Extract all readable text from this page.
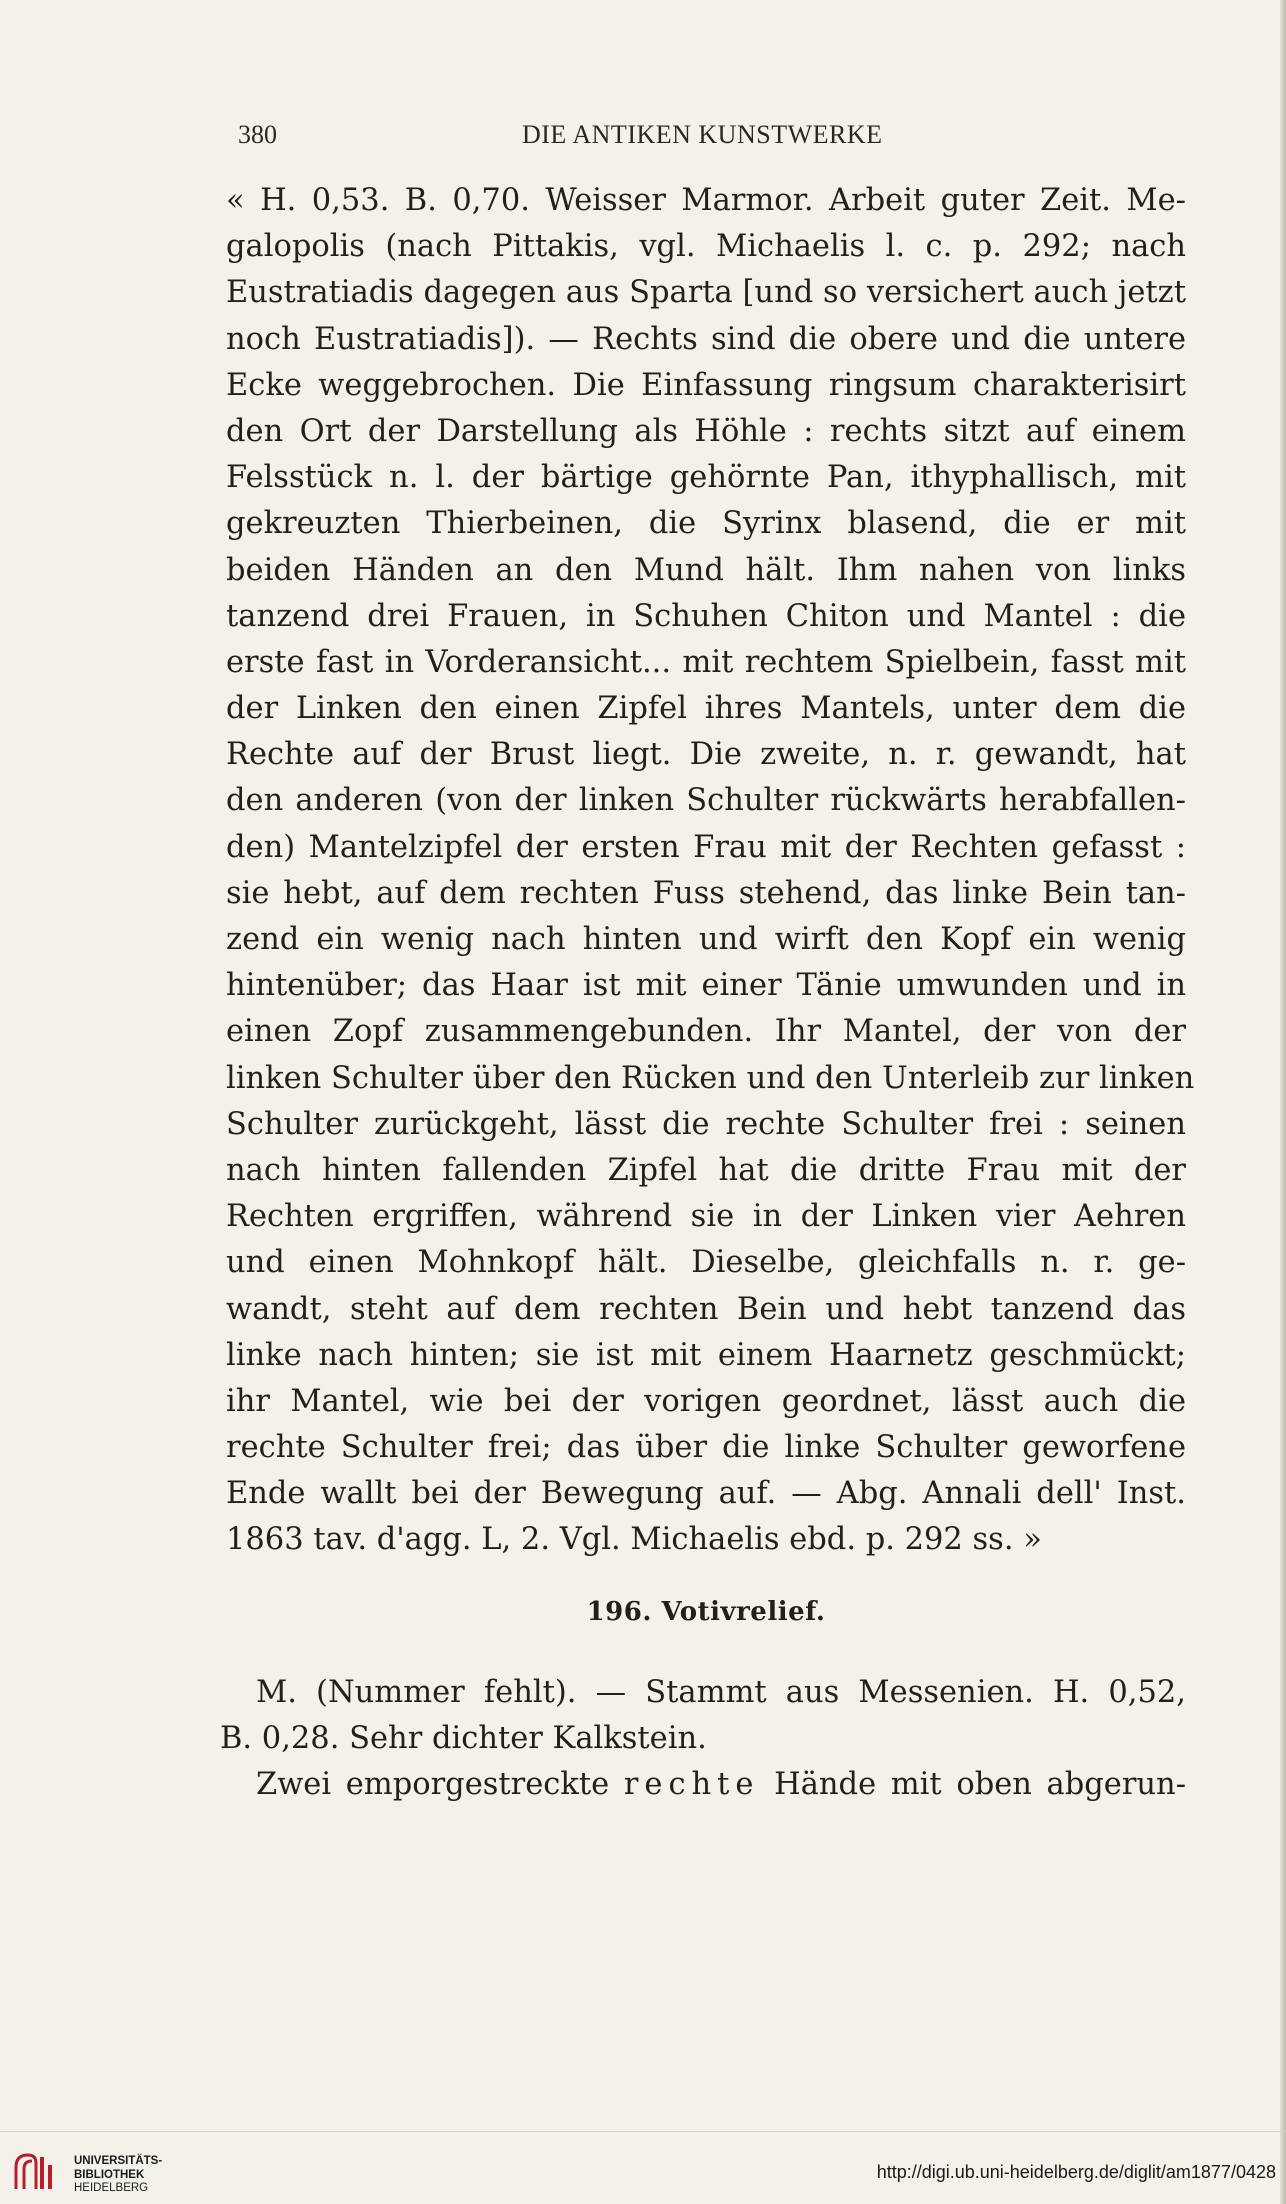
380	DIE ANTIKEN KUNSTWERKE
« H. 0,53. B. 0,70. Weisser Marmor. Arbeit guter Zeit. Me-
galopolis (nach Pittakis, vgl. Michaelis l. c. p. 292; nach
Eustratiadis dagegen aus Sparta [und so versichert auch jetzt
noch Eustratiadis]). — Rechts sind die obere und die untere
Ecke weggebrochen. Die Einfassung ringsum charakterisirt
den Ort der Darstellung als Höhle : rechts sitzt auf einem
Felsstück n. l. der bärtige gehörnte Pan, ithyphallisch, mit
gekreuzten Thierbeinen, die Syrinx blasend, die er mit
beiden Händen an den Mund hält. Ihm nahen von links
tanzend drei Frauen, in Schuhen Chiton und Mantel : die
erste fast in Vorderansicht... mit rechtem Spielbein, fasst mit
der Linken den einen Zipfel ihres Mantels, unter dem die
Rechte auf der Brust liegt. Die zweite, n. r. gewandt, hat
den anderen (von der linken Schulter rückwärts herabfallen-
den) Mantelzipfel der ersten Frau mit der Rechten gefasst :
sie hebt, auf dem rechten Fuss stehend, das linke Bein tan-
zend ein wenig nach hinten und wirft den Kopf ein wenig
hintenüber; das Haar ist mit einer Tänie umwunden und in
einen Zopf zusammengebunden. Ihr Mantel, der von der
linken Schulter über den Rücken und den Unterleib zur linken
Schulter zurückgeht, lässt die rechte Schulter frei : seinen
nach hinten fallenden Zipfel hat die dritte Frau mit der
Rechten ergriffen, während sie in der Linken vier Aehren
und einen Mohnkopf hält. Dieselbe, gleichfalls n. r. ge-
wandt, steht auf dem rechten Bein und hebt tanzend das
linke nach hinten; sie ist mit einem Haarnetz geschmückt;
ihr Mantel, wie bei der vorigen geordnet, lässt auch die
rechte Schulter frei; das über die linke Schulter geworfene
Ende wallt bei der Bewegung auf. — Abg. Annali dell' Inst.
1863 tav. d'agg. L, 2. Vgl. Michaelis ebd. p. 292 ss. »
196. Votivrelief.
M. (Nummer fehlt). — Stammt aus Messenien. H. 0,52,
B. 0,28. Sehr dichter Kalkstein.
Zwei emporgestreckte rechte Hände mit oben abgerun-
UNIVERSITÄTS-
BIBLIOTHEK
HEIDELBERG
http://digi.ub.uni-heidelberg.de/diglit/am1877/0428
